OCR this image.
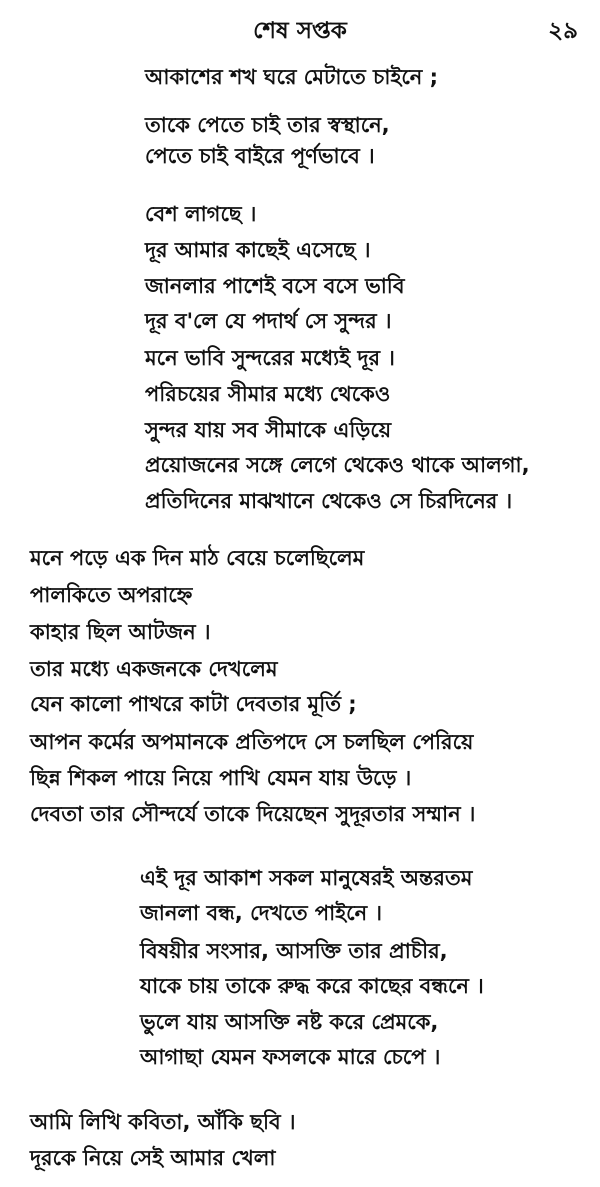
শেষ সপ্তক	২৯
আকাশের শখ ঘরে মেটাতে চাইনে ;
তাকে পেতে চাই তার স্বস্থানে,
পেতে চাই বাইরে পূর্ণভাবে ।
বেশ লাগছে ।
দূর আমার কাছেই এসেছে ।
জানলার পাশেই বসে বসে ভাবি
দূর ব'লে যে পদার্থ সে সুন্দর ।
মনে ভাবি সুন্দরের মধ্যেই দূর ।
পরিচয়ের সীমার মধ্যে থেকেও
সুন্দর যায় সব সীমাকে এড়িয়ে
প্রয়োজনের সঙ্গে লেগে থেকেও থাকে আলগা,
প্রতিদিনের মাঝখানে থেকেও সে চিরদিনের ।
মনে পড়ে এক দিন মাঠ বেয়ে চলেছিলেম
পালকিতে অপরাহ্নে
কাহার ছিল আটজন ।
তার মধ্যে একজনকে দেখলেম
যেন কালো পাথরে কাটা দেবতার মূর্তি ;
আপন কর্মের অপমানকে প্রতিপদে সে চলছিল পেরিয়ে
ছিন্ন শিকল পায়ে নিয়ে পাখি যেমন যায় উড়ে ।
দেবতা তার সৌন্দর্যে তাকে দিয়েছেন সুদূরতার সম্মান ।
এই দূর আকাশ সকল মানুষেরই অন্তরতম
জানলা বন্ধ, দেখতে পাইনে ।
বিষয়ীর সংসার, আসক্তি তার প্রাচীর,
যাকে চায় তাকে রুদ্ধ করে কাছের বন্ধনে ।
ভুলে যায় আসক্তি নষ্ট করে প্রেমকে,
আগাছা যেমন ফসলকে মারে চেপে ।
আমি লিখি কবিতা, আঁকি ছবি ।
দূরকে নিয়ে সেই আমার খেলা
